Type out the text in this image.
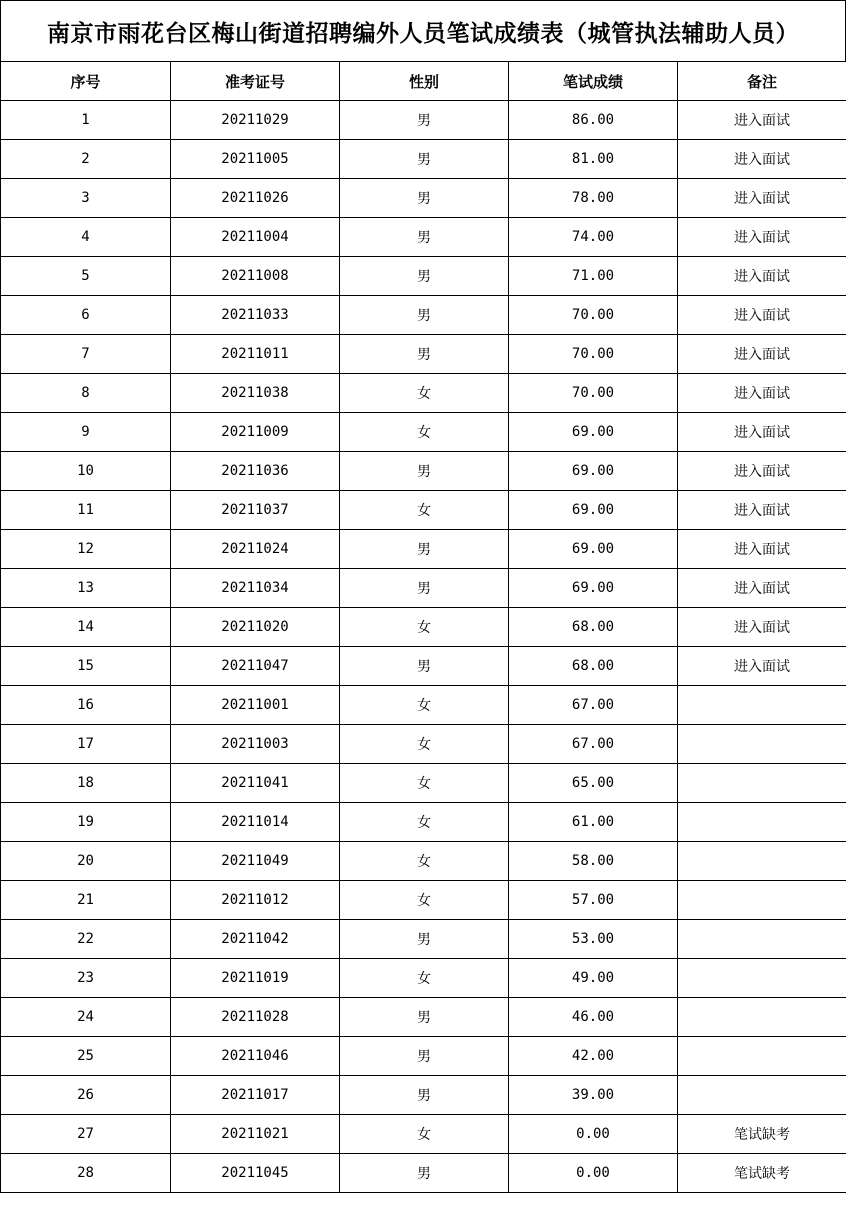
南京市雨花台区梅山街道招聘编外人员笔试成绩表（城管执法辅助人员）
序号	准考证号	性别	笔试成绩	备注
1	20211029	男	86.00	进入面试
2	20211005	男	81.00	进入面试
3	20211026	男	78.00	进入面试
4	20211004	男	74.00	进入面试
5	20211008	男	71.00	进入面试
6	20211033	男	70.00	进入面试
7	20211011	男	70.00	进入面试
8	20211038	女	70.00	进入面试
9	20211009	女	69.00	进入面试
10	20211036	男	69.00	进入面试
11	20211037	女	69.00	进入面试
12	20211024	男	69.00	进入面试
13	20211034	男	69.00	进入面试
14	20211020	女	68.00	进入面试
15	20211047	男	68.00	进入面试
16	20211001	女	67.00	
17	20211003	女	67.00	
18	20211041	女	65.00	
19	20211014	女	61.00	
20	20211049	女	58.00	
21	20211012	女	57.00	
22	20211042	男	53.00	
23	20211019	女	49.00	
24	20211028	男	46.00	
25	20211046	男	42.00	
26	20211017	男	39.00	
27	20211021	女	0.00	笔试缺考
28	20211045	男	0.00	笔试缺考
